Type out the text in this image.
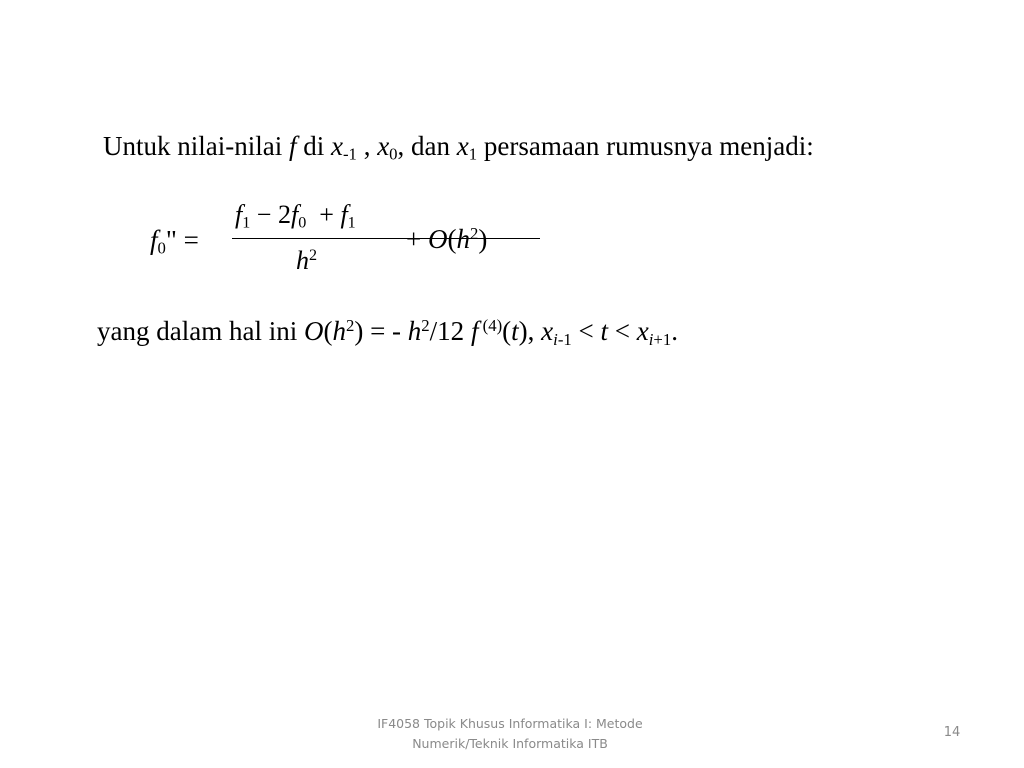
Untuk nilai-nilai f di $x_{-1}$ , $x_0$, dan $x_1$ persamaan rumusnya menjadi:
$f_0$" =
$f_1 - 2f_0 + f_1$
$h^2$
+ $O(h^2)$
yang dalam hal ini $O(h^2)$ = - $h^2/12$ f $^{(4)}$(t), $x_{i-1} < t < x_{i+1}$.
IF4058 Topik Khusus Informatika I: Metode
Numerik/Teknik Informatika ITB
14
